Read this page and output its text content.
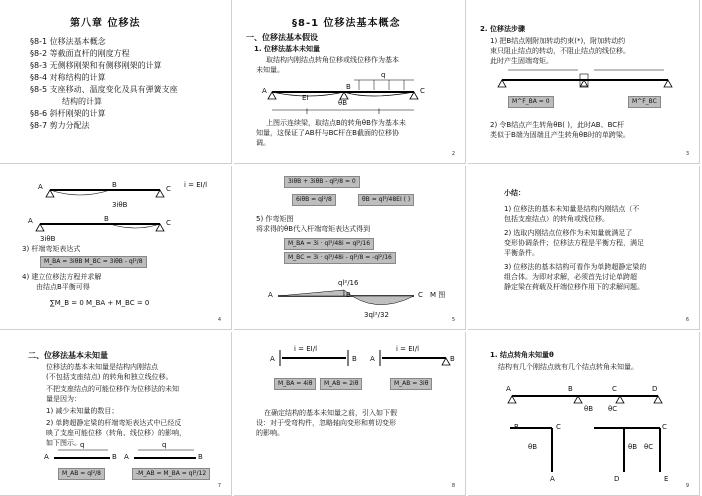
第八章 位移法
§8-1 位移法基本概念
§8-2 等截面直杆的刚度方程
§8-3 无侧移刚架和有侧移刚架的计算
§8-4 对称结构的计算
§8-5 支座移动、温度变化及具有弹簧支座
结构的计算
§8-6 斜杆刚架的计算
§8-7 剪力分配法
§8-1 位移法基本概念
一、位移法基本假设
1. 位移法基本未知量
取结构内刚结点转角位移或线位移作为基本
未知量。
q
A	B	C
EI
θB
l	l
上图示连续梁，取结点B的转角θB作为基本未
知量，这保证了AB杆与BC杆在B截面的位移协
调。
2
2. 位移法步骤
1) 把B结点刚附加转动约束(*)，附加转动约
束只阻止结点的转动，不阻止结点的线位移。
此时产生固端弯矩。
M^F_BA = 0	M^F_BC
2) 令B结点产生转角θB( )，此时AB、BC杆
类似于B端为固端且产生转角θB时的单跨梁。
3
A	B	C i = EI/l
3iθB
A	B	C
3iθB
3) 杆端弯矩表达式
M_BA = 3iθB M_BC = 3iθB - ql²/8
4) 建立位移法方程并求解
由结点B平衡可得
∑M_B = 0 M_BA + M_BC = 0
4
3iθB + 3iθB - ql²/8 = 0
6iθB = ql²/8	θB = ql³/48EI ( )
5) 作弯矩图
将求得的θB代入杆端弯矩表达式得到
M_BA = 3i · ql³/48i = ql²/16
M_BC = 3i · ql³/48i - ql²/8 = -ql²/16
ql²/16
A	B	C M 图
3ql²/32
5
小结：
1) 位移法的基本未知量是结构内刚结点（不
包括支座结点）的转角或线位移。
2) 选取内刚结点位移作为未知量就满足了
变形协调条件；位移法方程是平衡方程，满足
平衡条件。
3) 位移法的基本结构可看作为单跨超静定梁的
组合体。为即对求解，必须首先讨论单跨超
静定梁在荷载及杆端位移作用下的求解问题。
6
二、位移法基本未知量
位移法的基本未知量是结构内刚结点
(不包括支座结点) 的转角和独立线位移。
不把支座结点的可能位移作为位移法的未知
量是因为：
1) 减少未知量的数目；
2) 单跨超静定梁的杆端弯矩表达式中已经反
映了支座可能位移（转角、线位移）的影响，
如下图示。
A	B A	B
q	q
M_AB = ql²/8	-M_AB = M_BA = ql²/12
7
A	B A	B
i = EI/l	i = EI/l
M_BA = 4iθ	M_AB = 2iθ	M_AB = 3iθ
在确定结构的基本未知量之前，引入如下假
设：对于受弯构件，忽略轴向变形和剪切变形
的影响。
8
1. 结点转角未知量θ
结构有几个刚结点就有几个结点转角未知量。
A	B	C	D
θB θC
B	C
A
θB
C
D	E
θB θC
9
